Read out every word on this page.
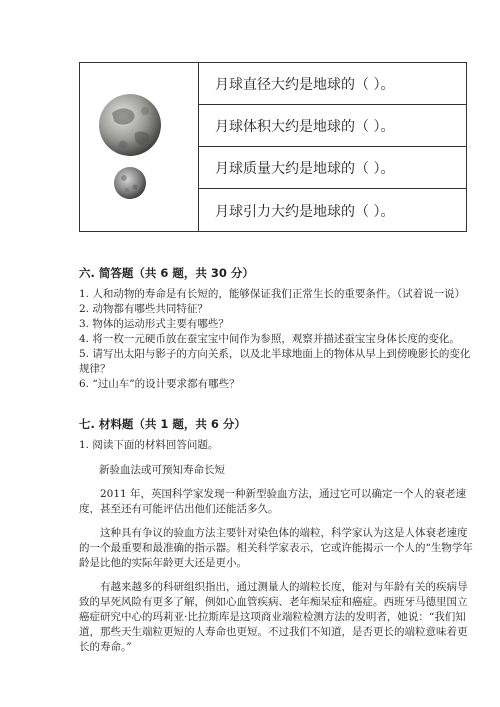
月球直径大约是地球的（ ）。
月球体积大约是地球的（ ）。
月球质量大约是地球的（ ）。
月球引力大约是地球的（ ）。
六. 简答题（共 6 题，共 30 分）

1. 人和动物的寿命是有长短的，能够保证我们正常生长的重要条件。（试着说一说）

2. 动物都有哪些共同特征？

3. 物体的运动形式主要有哪些？

4. 将一枚一元硬币放在蚕宝宝中间作为参照，观察并描述蚕宝宝身体长度的变化。

5. 请写出太阳与影子的方向关系，以及北半球地面上的物体从早上到傍晚影长的变化规律？

6. “过山车”的设计要求都有哪些？

七. 材料题（共 1 题，共 6 分）

1. 阅读下面的材料回答问题。

新验血法或可预知寿命长短

2011 年，英国科学家发现一种新型验血方法，通过它可以确定一个人的衰老速度，甚至还有可能评估出他们还能活多久。

这种具有争议的验血方法主要针对染色体的端粒，科学家认为这是人体衰老速度的一个最重要和最准确的指示器。相关科学家表示，它或许能揭示一个人的“生物学年龄是比他的实际年龄更大还是更小。

有越来越多的科研组织指出，通过测量人的端粒长度，能对与年龄有关的疾病导致的早死风险有更多了解，例如心血管疾病、老年痴呆症和癌症。西班牙马德里国立癌症研究中心的玛莉亚·比拉斯库是这项商业端粒检测方法的发明者，她说：“我们知道，那些天生端粒更短的人寿命也更短。不过我们不知道，是否更长的端粒意味着更长的寿命。”
